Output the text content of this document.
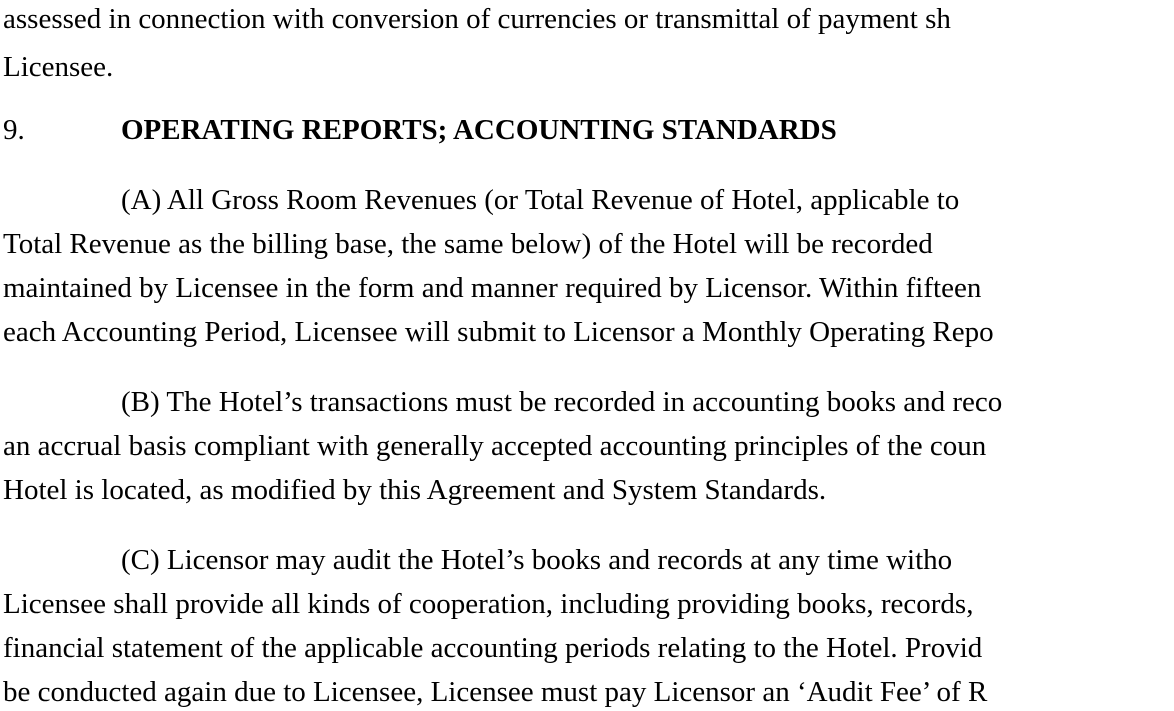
assessed in connection with conversion of currencies or transmittal of payment sh
Licensee.
9.	OPERATING REPORTS; ACCOUNTING STANDARDS
(A) All Gross Room Revenues (or Total Revenue of Hotel, applicable to
Total Revenue as the billing base, the same below) of the Hotel will be recorded
maintained by Licensee in the form and manner required by Licensor. Within fifteen
each Accounting Period, Licensee will submit to Licensor a Monthly Operating Repo
(B) The Hotel’s transactions must be recorded in accounting books and reco
an accrual basis compliant with generally accepted accounting principles of the coun
Hotel is located, as modified by this Agreement and System Standards.
(C) Licensor may audit the Hotel’s books and records at any time witho
Licensee shall provide all kinds of cooperation, including providing books, records,
financial statement of the applicable accounting periods relating to the Hotel. Provid
be conducted again due to Licensee, Licensee must pay Licensor an ‘Audit Fee’ of R
